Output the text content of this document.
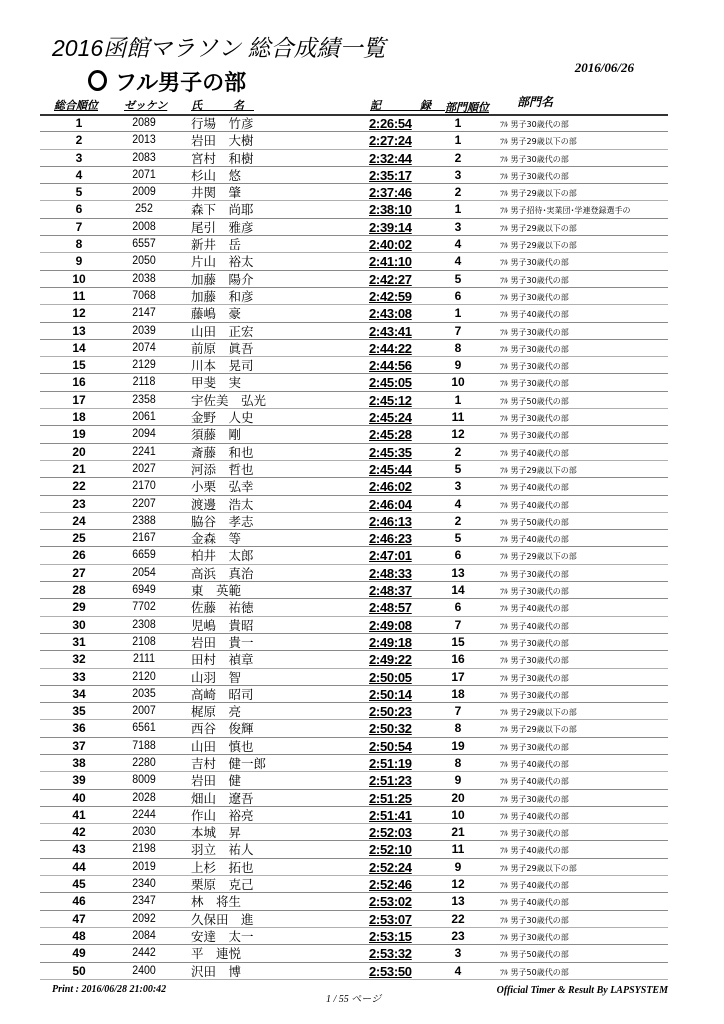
2016函館マラソン 総合成績一覧
2016/06/26
フル男子の部
総合順位 ゼッケン 氏　名	記　録 部門順位 部門名
1	2089	行場　竹彦	2:26:54	1	ﾌﾙ 男子30歳代の部
2	2013	岩田　大樹	2:27:24	1	ﾌﾙ 男子29歳以下の部
3	2083	宮村　和樹	2:32:44	2	ﾌﾙ 男子30歳代の部
4	2071	杉山　悠	2:35:17	3	ﾌﾙ 男子30歳代の部
5	2009	井関　肇	2:37:46	2	ﾌﾙ 男子29歳以下の部
6	252	森下　尚耶	2:38:10	1	ﾌﾙ 男子招待･実業団･学連登録選手の
7	2008	尾引　雅彦	2:39:14	3	ﾌﾙ 男子29歳以下の部
8	6557	新井　岳	2:40:02	4	ﾌﾙ 男子29歳以下の部
9	2050	片山　裕太	2:41:10	4	ﾌﾙ 男子30歳代の部
10	2038	加藤　陽介	2:42:27	5	ﾌﾙ 男子30歳代の部
11	7068	加藤　和彦	2:42:59	6	ﾌﾙ 男子30歳代の部
12	2147	藤嶋　豪	2:43:08	1	ﾌﾙ 男子40歳代の部
13	2039	山田　正宏	2:43:41	7	ﾌﾙ 男子30歳代の部
14	2074	前原　眞吾	2:44:22	8	ﾌﾙ 男子30歳代の部
15	2129	川本　晃司	2:44:56	9	ﾌﾙ 男子30歳代の部
16	2118	甲斐　実	2:45:05	10	ﾌﾙ 男子30歳代の部
17	2358	宇佐美　弘光	2:45:12	1	ﾌﾙ 男子50歳代の部
18	2061	金野　人史	2:45:24	11	ﾌﾙ 男子30歳代の部
19	2094	須藤　剛	2:45:28	12	ﾌﾙ 男子30歳代の部
20	2241	斎藤　和也	2:45:35	2	ﾌﾙ 男子40歳代の部
21	2027	河添　哲也	2:45:44	5	ﾌﾙ 男子29歳以下の部
22	2170	小栗　弘幸	2:46:02	3	ﾌﾙ 男子40歳代の部
23	2207	渡邊　浩太	2:46:04	4	ﾌﾙ 男子40歳代の部
24	2388	脇谷　孝志	2:46:13	2	ﾌﾙ 男子50歳代の部
25	2167	金森　等	2:46:23	5	ﾌﾙ 男子40歳代の部
26	6659	柏井　太郎	2:47:01	6	ﾌﾙ 男子29歳以下の部
27	2054	高浜　真治	2:48:33	13	ﾌﾙ 男子30歳代の部
28	6949	東　英範	2:48:37	14	ﾌﾙ 男子30歳代の部
29	7702	佐藤　祐徳	2:48:57	6	ﾌﾙ 男子40歳代の部
30	2308	児嶋　貴昭	2:49:08	7	ﾌﾙ 男子40歳代の部
31	2108	岩田　貴一	2:49:18	15	ﾌﾙ 男子30歳代の部
32	2111	田村　禎章	2:49:22	16	ﾌﾙ 男子30歳代の部
33	2120	山羽　智	2:50:05	17	ﾌﾙ 男子30歳代の部
34	2035	高崎　昭司	2:50:14	18	ﾌﾙ 男子30歳代の部
35	2007	梶原　亮	2:50:23	7	ﾌﾙ 男子29歳以下の部
36	6561	西谷　俊輝	2:50:32	8	ﾌﾙ 男子29歳以下の部
37	7188	山田　慎也	2:50:54	19	ﾌﾙ 男子30歳代の部
38	2280	吉村　健一郎	2:51:19	8	ﾌﾙ 男子40歳代の部
39	8009	岩田　健	2:51:23	9	ﾌﾙ 男子40歳代の部
40	2028	畑山　遼吾	2:51:25	20	ﾌﾙ 男子30歳代の部
41	2244	作山　裕亮	2:51:41	10	ﾌﾙ 男子40歳代の部
42	2030	本城　昇	2:52:03	21	ﾌﾙ 男子30歳代の部
43	2198	羽立　祐人	2:52:10	11	ﾌﾙ 男子40歳代の部
44	2019	上杉　拓也	2:52:24	9	ﾌﾙ 男子29歳以下の部
45	2340	栗原　克己	2:52:46	12	ﾌﾙ 男子40歳代の部
46	2347	林　将生	2:53:02	13	ﾌﾙ 男子40歳代の部
47	2092	久保田　進	2:53:07	22	ﾌﾙ 男子30歳代の部
48	2084	安達　太一	2:53:15	23	ﾌﾙ 男子30歳代の部
49	2442	平　連悦	2:53:32	3	ﾌﾙ 男子50歳代の部
50	2400	沢田　博	2:53:50	4	ﾌﾙ 男子50歳代の部
Print : 2016/06/28 21:00:42
1 / 55 ページ
Official Timer & Result By LAPSYSTEM
